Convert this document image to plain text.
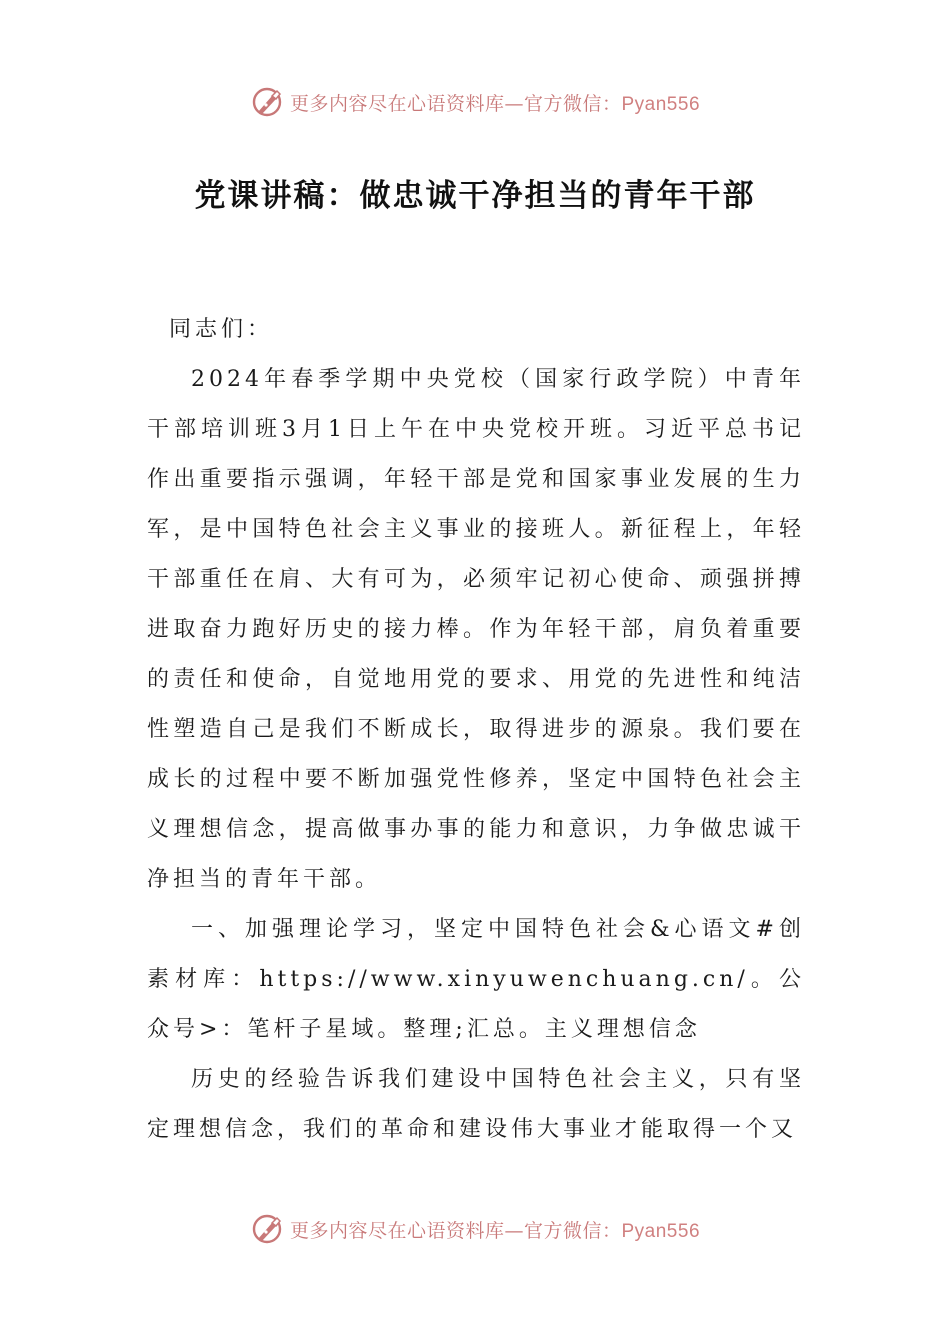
更多内容尽在心语资料库—官方微信：Pyan556
党课讲稿：做忠诚干净担当的青年干部

同志们：

2024年春季学期中央党校（国家行政学院）中青年干部培训班3月1日上午在中央党校开班。习近平总书记作出重要指示强调，年轻干部是党和国家事业发展的生力军，是中国特色社会主义事业的接班人。新征程上，年轻干部重任在肩、大有可为，必须牢记初心使命、顽强拼搏进取奋力跑好历史的接力棒。作为年轻干部，肩负着重要的责任和使命，自觉地用党的要求、用党的先进性和纯洁性塑造自己是我们不断成长，取得进步的源泉。我们要在成长的过程中要不断加强党性修养，坚定中国特色社会主义理想信念，提高做事办事的能力和意识，力争做忠诚干净担当的青年干部。

一、加强理论学习，坚定中国特色社会&心语文#创素材库：https://www.xinyuwenchuang.cn/。公众号>：笔杆子星域。整理;汇总。主义理想信念

历史的经验告诉我们建设中国特色社会主义，只有坚定理想信念，我们的革命和建设伟大事业才能取得一个又

更多内容尽在心语资料库—官方微信：Pyan556
